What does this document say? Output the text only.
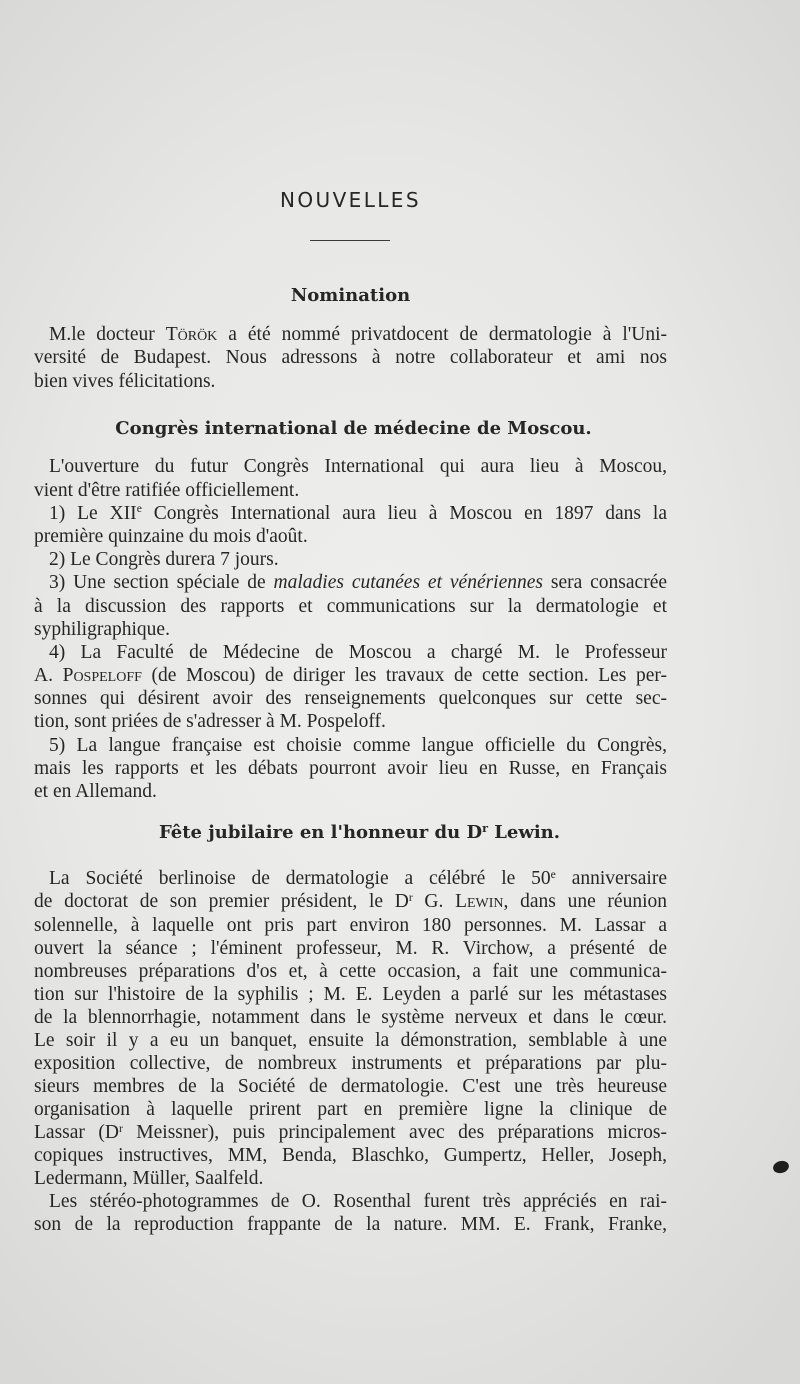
NOUVELLES
Nomination
M.le docteur Török a été nommé privatdocent de dermatologie à l'Uni-
versité de Budapest. Nous adressons à notre collaborateur et ami nos
bien vives félicitations.
Congrès international de médecine de Moscou.
L'ouverture du futur Congrès International qui aura lieu à Moscou,
vient d'être ratifiée officiellement.
1) Le XIIe Congrès International aura lieu à Moscou en 1897 dans la
première quinzaine du mois d'août.
2) Le Congrès durera 7 jours.
3) Une section spéciale de maladies cutanées et vénériennes sera consacrée
à la discussion des rapports et communications sur la dermatologie et
syphiligraphique.
4) La Faculté de Médecine de Moscou a chargé M. le Professeur
A. Pospeloff (de Moscou) de diriger les travaux de cette section. Les per-
sonnes qui désirent avoir des renseignements quelconques sur cette sec-
tion, sont priées de s'adresser à M. Pospeloff.
5) La langue française est choisie comme langue officielle du Congrès,
mais les rapports et les débats pourront avoir lieu en Russe, en Français
et en Allemand.
Fête jubilaire en l'honneur du $D^r$ Lewin.
La Société berlinoise de dermatologie a célébré le 50e anniversaire
de doctorat de son premier président, le $D^r$ G. Lewin, dans une réunion
solennelle, à laquelle ont pris part environ 180 personnes. M. Lassar a
ouvert la séance ; l'éminent professeur, M. R. Virchow, a présenté de
nombreuses préparations d'os et, à cette occasion, a fait une communica-
tion sur l'histoire de la syphilis ; M. E. Leyden a parlé sur les métastases
de la blennorrhagie, notamment dans le système nerveux et dans le cœur.
Le soir il y a eu un banquet, ensuite la démonstration, semblable à une
exposition collective, de nombreux instruments et préparations par plu-
sieurs membres de la Société de dermatologie. C'est une très heureuse
organisation à laquelle prirent part en première ligne la clinique de
Lassar ($D^r$ Meissner), puis principalement avec des préparations micros-
copiques instructives, MM, Benda, Blaschko, Gumpertz, Heller, Joseph,
Ledermann, Müller, Saalfeld.
Les stéréo-photogrammes de O. Rosenthal furent très appréciés en rai-
son de la reproduction frappante de la nature. MM. E. Frank, Franke,
